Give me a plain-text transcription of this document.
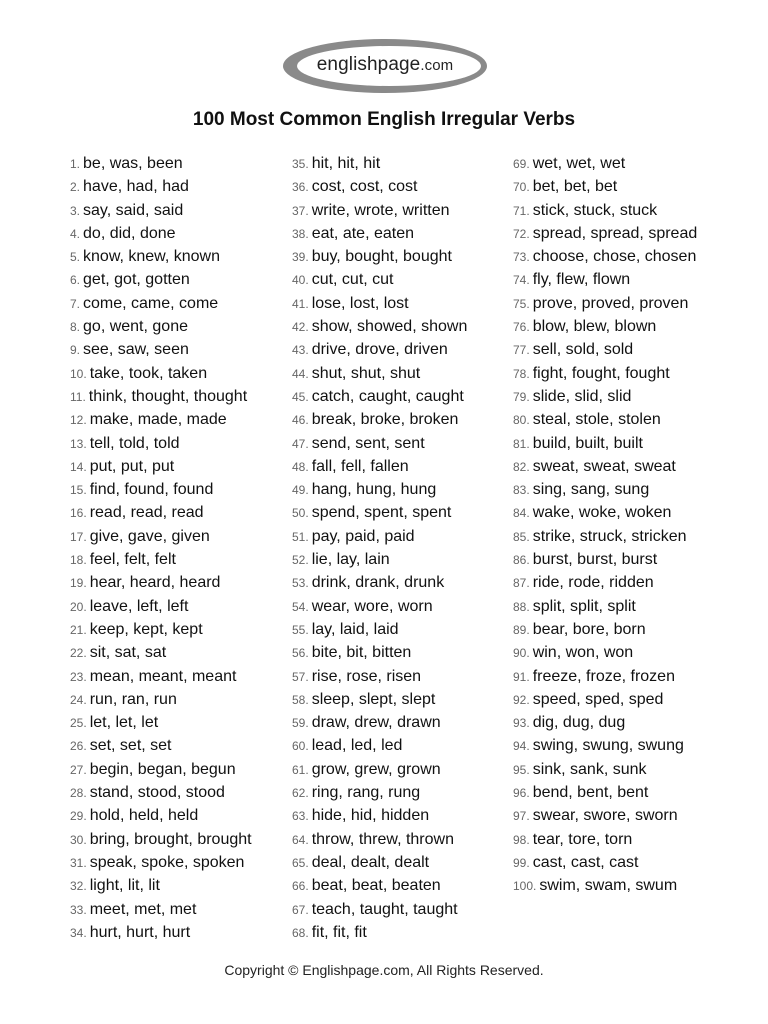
englishpage.com
100 Most Common English Irregular Verbs
1. be, was, been
2. have, had, had
3. say, said, said
4. do, did, done
5. know, knew, known
6. get, got, gotten
7. come, came, come
8. go, went, gone
9. see, saw, seen
10. take, took, taken
11. think, thought, thought
12. make, made, made
13. tell, told, told
14. put, put, put
15. find, found, found
16. read, read, read
17. give, gave, given
18. feel, felt, felt
19. hear, heard, heard
20. leave, left, left
21. keep, kept, kept
22. sit, sat, sat
23. mean, meant, meant
24. run, ran, run
25. let, let, let
26. set, set, set
27. begin, began, begun
28. stand, stood, stood
29. hold, held, held
30. bring, brought, brought
31. speak, spoke, spoken
32. light, lit, lit
33. meet, met, met
34. hurt, hurt, hurt
35. hit, hit, hit
36. cost, cost, cost
37. write, wrote, written
38. eat, ate, eaten
39. buy, bought, bought
40. cut, cut, cut
41. lose, lost, lost
42. show, showed, shown
43. drive, drove, driven
44. shut, shut, shut
45. catch, caught, caught
46. break, broke, broken
47. send, sent, sent
48. fall, fell, fallen
49. hang, hung, hung
50. spend, spent, spent
51. pay, paid, paid
52. lie, lay, lain
53. drink, drank, drunk
54. wear, wore, worn
55. lay, laid, laid
56. bite, bit, bitten
57. rise, rose, risen
58. sleep, slept, slept
59. draw, drew, drawn
60. lead, led, led
61. grow, grew, grown
62. ring, rang, rung
63. hide, hid, hidden
64. throw, threw, thrown
65. deal, dealt, dealt
66. beat, beat, beaten
67. teach, taught, taught
68. fit, fit, fit
69. wet, wet, wet
70. bet, bet, bet
71. stick, stuck, stuck
72. spread, spread, spread
73. choose, chose, chosen
74. fly, flew, flown
75. prove, proved, proven
76. blow, blew, blown
77. sell, sold, sold
78. fight, fought, fought
79. slide, slid, slid
80. steal, stole, stolen
81. build, built, built
82. sweat, sweat, sweat
83. sing, sang, sung
84. wake, woke, woken
85. strike, struck, stricken
86. burst, burst, burst
87. ride, rode, ridden
88. split, split, split
89. bear, bore, born
90. win, won, won
91. freeze, froze, frozen
92. speed, sped, sped
93. dig, dug, dug
94. swing, swung, swung
95. sink, sank, sunk
96. bend, bent, bent
97. swear, swore, sworn
98. tear, tore, torn
99. cast, cast, cast
100. swim, swam, swum
Copyright © Englishpage.com, All Rights Reserved.
